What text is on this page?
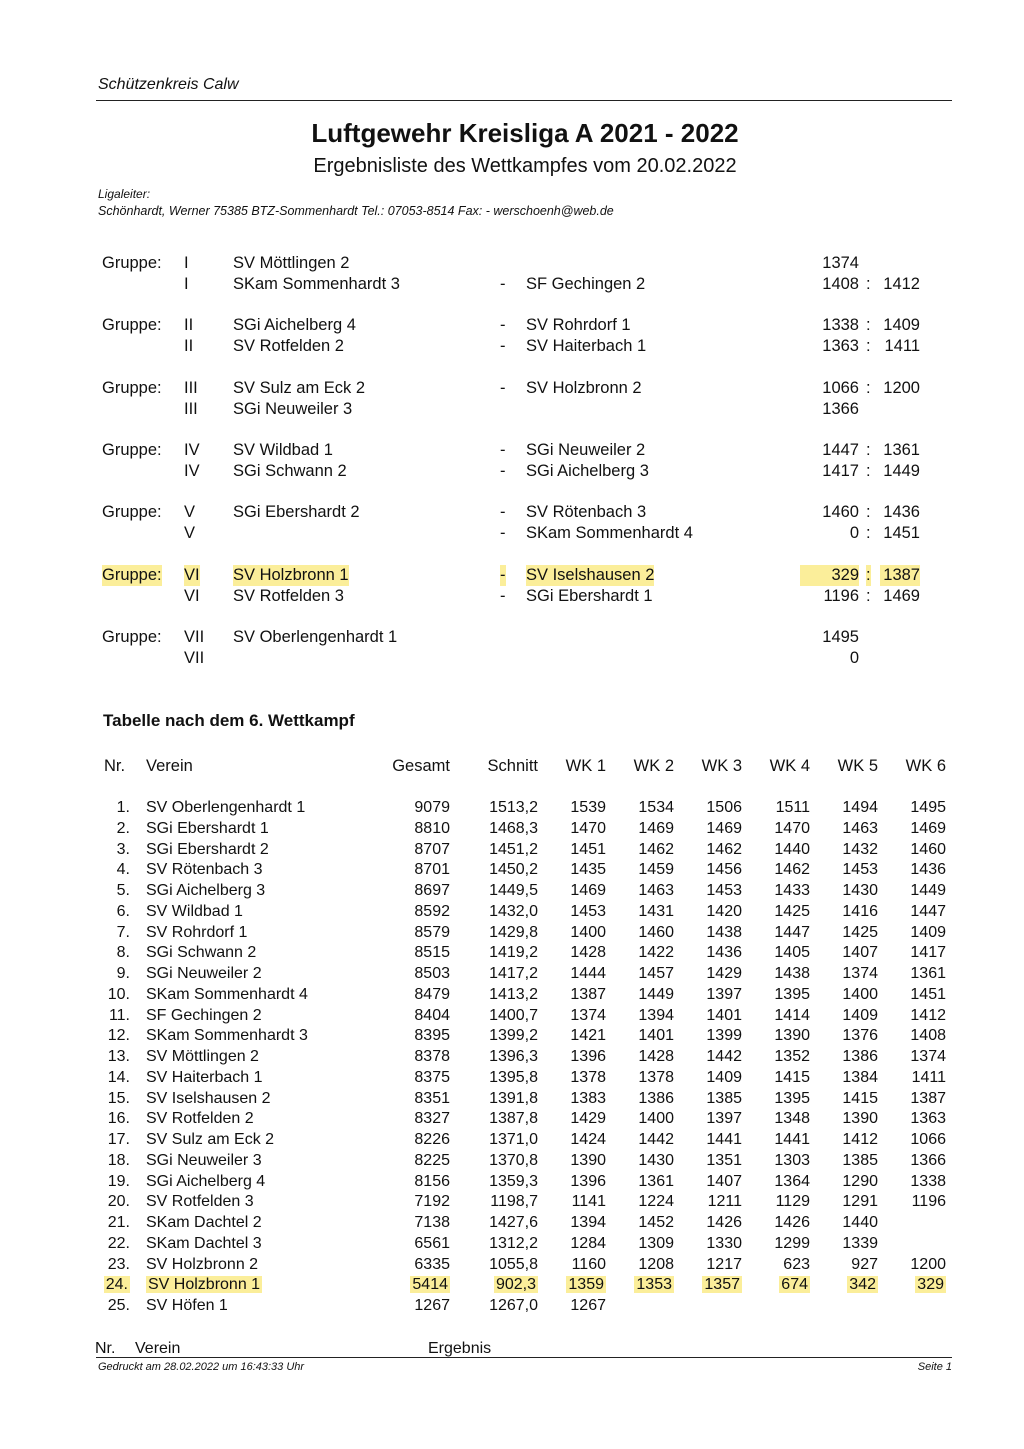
Schützenkreis Calw
Luftgewehr Kreisliga A 2021 - 2022
Ergebnisliste des Wettkampfes vom 20.02.2022
Ligaleiter:
Schönhardt, Werner 75385 BTZ-Sommenhardt Tel.: 07053-8514 Fax: - werschoenh@web.de
Gruppe: I	SV Möttlingen 2	1374
I	SKam Sommenhardt 3	- SF Gechingen 2	1408 : 1412
Gruppe: II SGi Aichelberg 4	- SV Rohrdorf 1	1338 : 1409
II SV Rotfelden 2	- SV Haiterbach 1	1363 : 1411
Gruppe: III SV Sulz am Eck 2	- SV Holzbronn 2	1066 : 1200
III SGi Neuweiler 3	1366
Gruppe: IV SV Wildbad 1	- SGi Neuweiler 2	1447 : 1361
IV SGi Schwann 2	- SGi Aichelberg 3	1417 : 1449
Gruppe: V SGi Ebershardt 2	- SV Rötenbach 3	1460 : 1436
V	- SKam Sommenhardt 4	0 : 1451
Gruppe: VI SV Holzbronn 1	- SV Iselshausen 2	329 : 1387
VI SV Rotfelden 3	- SGi Ebershardt 1	1196 : 1469
Gruppe: VII SV Oberlengenhardt 1	1495
VII	0
Tabelle nach dem 6. Wettkampf
Nr. Verein	Gesamt	Schnitt	WK 1	WK 2	WK 3	WK 4	WK 5	WK 6
1. SV Oberlengenhardt 1	9079	1513,2	1539	1534	1506	1511	1494	1495
2. SGi Ebershardt 1	8810	1468,3	1470	1469	1469	1470	1463	1469
3. SGi Ebershardt 2	8707	1451,2	1451	1462	1462	1440	1432	1460
4. SV Rötenbach 3	8701	1450,2	1435	1459	1456	1462	1453	1436
5. SGi Aichelberg 3	8697	1449,5	1469	1463	1453	1433	1430	1449
6. SV Wildbad 1	8592	1432,0	1453	1431	1420	1425	1416	1447
7. SV Rohrdorf 1	8579	1429,8	1400	1460	1438	1447	1425	1409
8. SGi Schwann 2	8515	1419,2	1428	1422	1436	1405	1407	1417
9. SGi Neuweiler 2	8503	1417,2	1444	1457	1429	1438	1374	1361
10. SKam Sommenhardt 4	8479	1413,2	1387	1449	1397	1395	1400	1451
11. SF Gechingen 2	8404	1400,7	1374	1394	1401	1414	1409	1412
12. SKam Sommenhardt 3	8395	1399,2	1421	1401	1399	1390	1376	1408
13. SV Möttlingen 2	8378	1396,3	1396	1428	1442	1352	1386	1374
14. SV Haiterbach 1	8375	1395,8	1378	1378	1409	1415	1384	1411
15. SV Iselshausen 2	8351	1391,8	1383	1386	1385	1395	1415	1387
16. SV Rotfelden 2	8327	1387,8	1429	1400	1397	1348	1390	1363
17. SV Sulz am Eck 2	8226	1371,0	1424	1442	1441	1441	1412	1066
18. SGi Neuweiler 3	8225	1370,8	1390	1430	1351	1303	1385	1366
19. SGi Aichelberg 4	8156	1359,3	1396	1361	1407	1364	1290	1338
20. SV Rotfelden 3	7192	1198,7	1141	1224	1211	1129	1291	1196
21. SKam Dachtel 2	7138	1427,6	1394	1452	1426	1426	1440
22. SKam Dachtel 3	6561	1312,2	1284	1309	1330	1299	1339
23. SV Holzbronn 2	6335	1055,8	1160	1208	1217	623	927	1200
24. SV Holzbronn 1	5414	902,3	1359	1353	1357	674	342	329
25. SV Höfen 1	1267	1267,0	1267
Nr. Verein	Ergebnis
Gedruckt am 28.02.2022 um 16:43:33 Uhr	Seite 1
